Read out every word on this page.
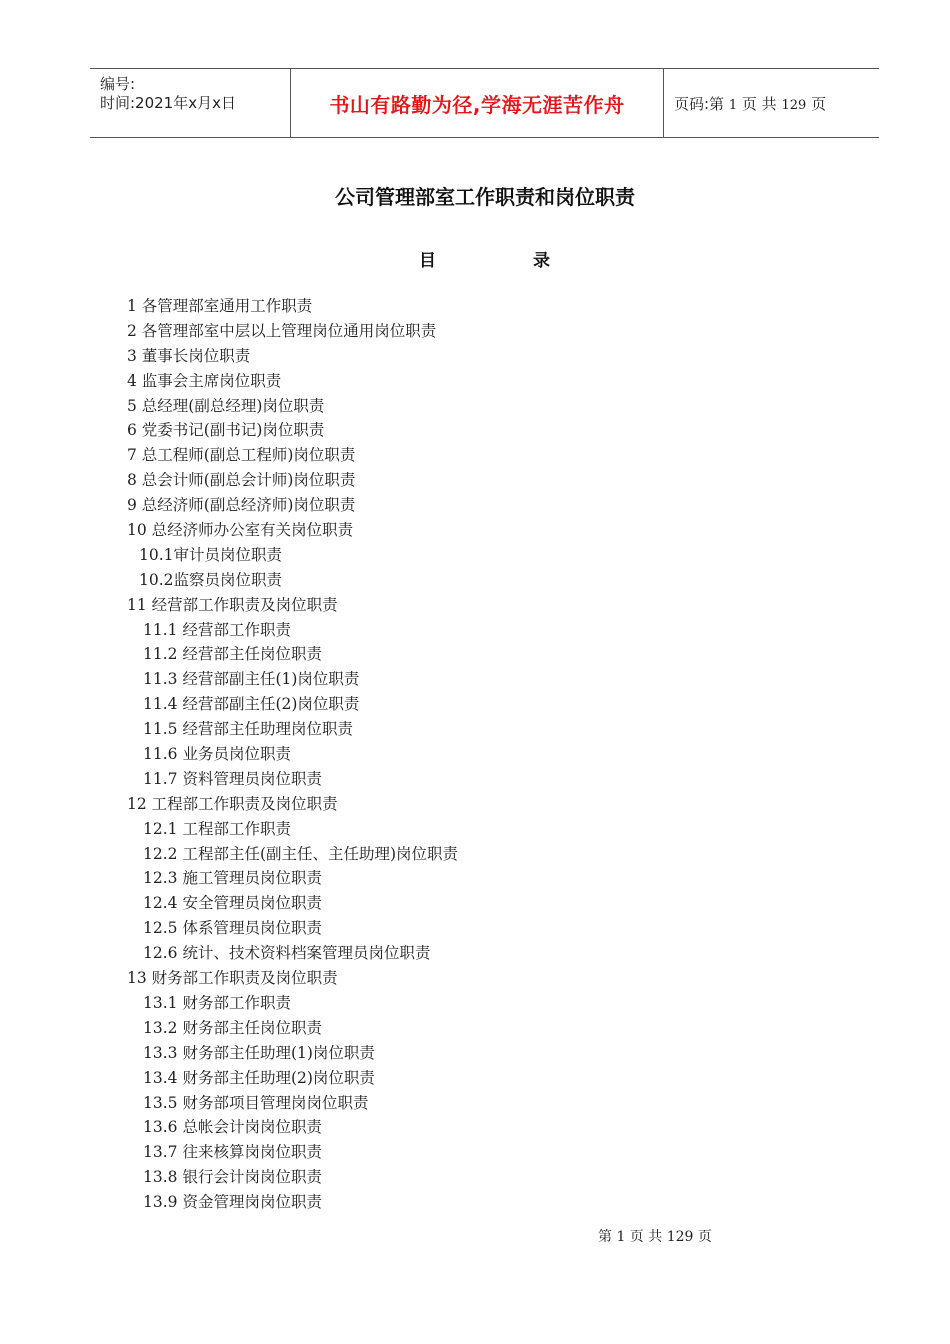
编号:
时间:2021年x月x日	书山有路勤为径,学海无涯苦作舟	页码:第 1 页 共 129 页
公司管理部室工作职责和岗位职责
目	录
1 各管理部室通用工作职责
2 各管理部室中层以上管理岗位通用岗位职责
3 董事长岗位职责
4 监事会主席岗位职责
5 总经理(副总经理)岗位职责
6 党委书记(副书记)岗位职责
7 总工程师(副总工程师)岗位职责
8 总会计师(副总会计师)岗位职责
9 总经济师(副总经济师)岗位职责
10 总经济师办公室有关岗位职责
10.1审计员岗位职责
10.2监察员岗位职责
11 经营部工作职责及岗位职责
11.1 经营部工作职责
11.2 经营部主任岗位职责
11.3 经营部副主任(1)岗位职责
11.4 经营部副主任(2)岗位职责
11.5 经营部主任助理岗位职责
11.6 业务员岗位职责
11.7 资料管理员岗位职责
12 工程部工作职责及岗位职责
12.1 工程部工作职责
12.2 工程部主任(副主任、主任助理)岗位职责
12.3 施工管理员岗位职责
12.4 安全管理员岗位职责
12.5 体系管理员岗位职责
12.6 统计、技术资料档案管理员岗位职责
13 财务部工作职责及岗位职责
13.1 财务部工作职责
13.2 财务部主任岗位职责
13.3 财务部主任助理(1)岗位职责
13.4 财务部主任助理(2)岗位职责
13.5 财务部项目管理岗岗位职责
13.6 总帐会计岗岗位职责
13.7 往来核算岗岗位职责
13.8 银行会计岗岗位职责
13.9 资金管理岗岗位职责
第 1 页 共 129 页
